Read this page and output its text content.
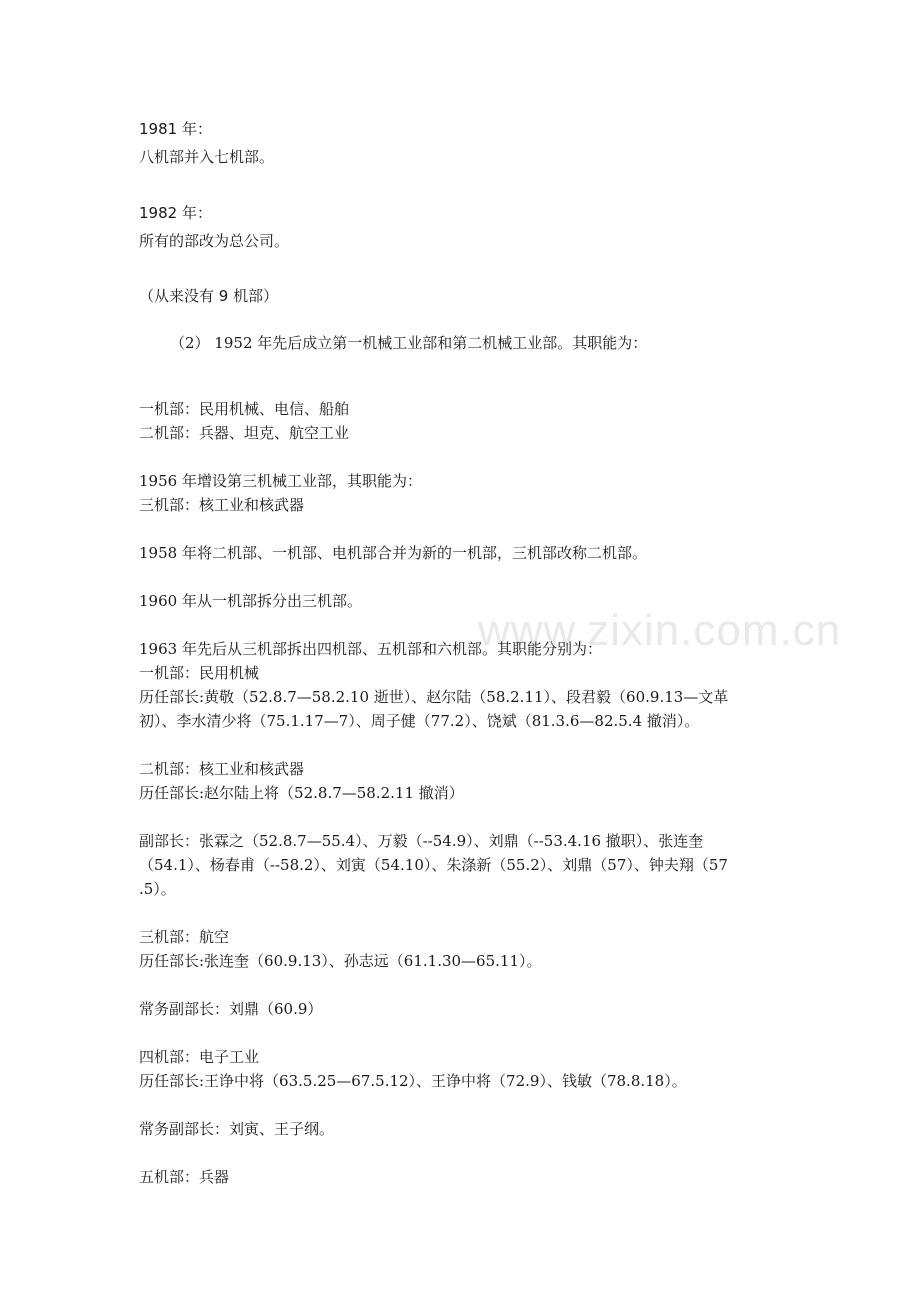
www.zixin.com.cn
1981 年：
八机部并入七机部。
1982 年：
所有的部改为总公司。
（从来没有 9 机部）
（2） 1952 年先后成立第一机械工业部和第二机械工业部。其职能为：
一机部：民用机械、电信、船舶
二机部：兵器、坦克、航空工业
1956 年增设第三机械工业部，其职能为：
三机部：核工业和核武器
1958 年将二机部、一机部、电机部合并为新的一机部，三机部改称二机部。
1960 年从一机部拆分出三机部。
1963 年先后从三机部拆出四机部、五机部和六机部。其职能分别为：
一机部：民用机械
历任部长:黄敬（52.8.7—58.2.10 逝世）、赵尔陆（58.2.11）、段君毅（60.9.13—文革
初）、李水清少将（75.1.17—7）、周子健（77.2）、饶斌（81.3.6—82.5.4 撤消）。
二机部：核工业和核武器
历任部长:赵尔陆上将（52.8.7—58.2.11 撤消）
副部长：张霖之（52.8.7—55.4）、万毅（--54.9）、刘鼎（--53.4.16 撤职）、张连奎
（54.1）、杨春甫（--58.2）、刘寅（54.10）、朱涤新（55.2）、刘鼎（57）、钟夫翔（57
.5）。
三机部：航空
历任部长:张连奎（60.9.13）、孙志远（61.1.30—65.11）。
常务副部长：刘鼎（60.9）
四机部：电子工业
历任部长:王诤中将（63.5.25—67.5.12）、王诤中将（72.9）、钱敏（78.8.18）。
常务副部长：刘寅、王子纲。
五机部：兵器
